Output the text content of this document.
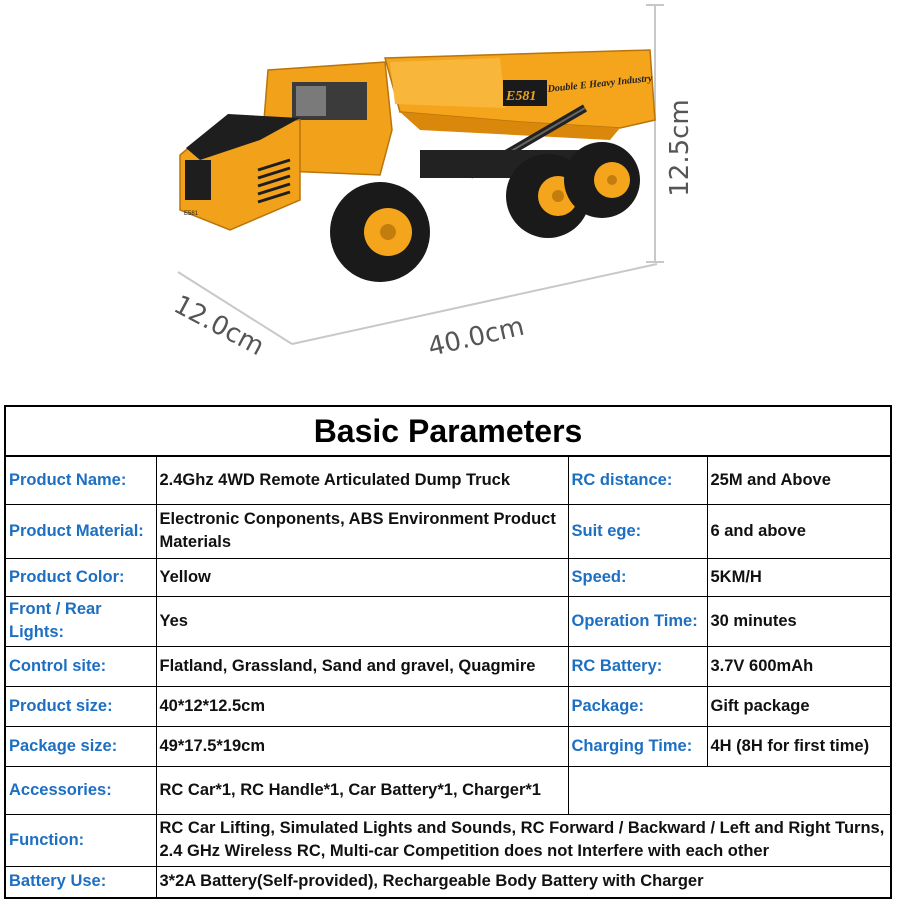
12.5cm
12.0cm	40.0cm
E581
Double E Heavy Industry
E581
Basic Parameters			
Product Name:	2.4Ghz 4WD Remote Articulated Dump Truck	RC distance:	25M and Above
Product Material:	Electronic Conponents, ABS Environment Product Materials	Suit ege:	6 and above
Product Color:	Yellow	Speed:	5KM/H
Front / Rear Lights:	Yes	Operation Time:	30 minutes
Control site:	Flatland, Grassland, Sand and gravel, Quagmire	RC Battery:	3.7V 600mAh
Product size:	40*12*12.5cm	Package:	Gift package
Package size:	49*17.5*19cm	Charging Time:	4H (8H for first time)
Accessories:	RC Car*1, RC Handle*1, Car Battery*1, Charger*1		
Function:	RC Car Lifting, Simulated Lights and Sounds, RC Forward / Backward / Left and Right Turns, 2.4 GHz Wireless RC, Multi-car Competition does not Interfere with each other		
Battery Use:	3*2A Battery(Self-provided), Rechargeable Body Battery with Charger		
